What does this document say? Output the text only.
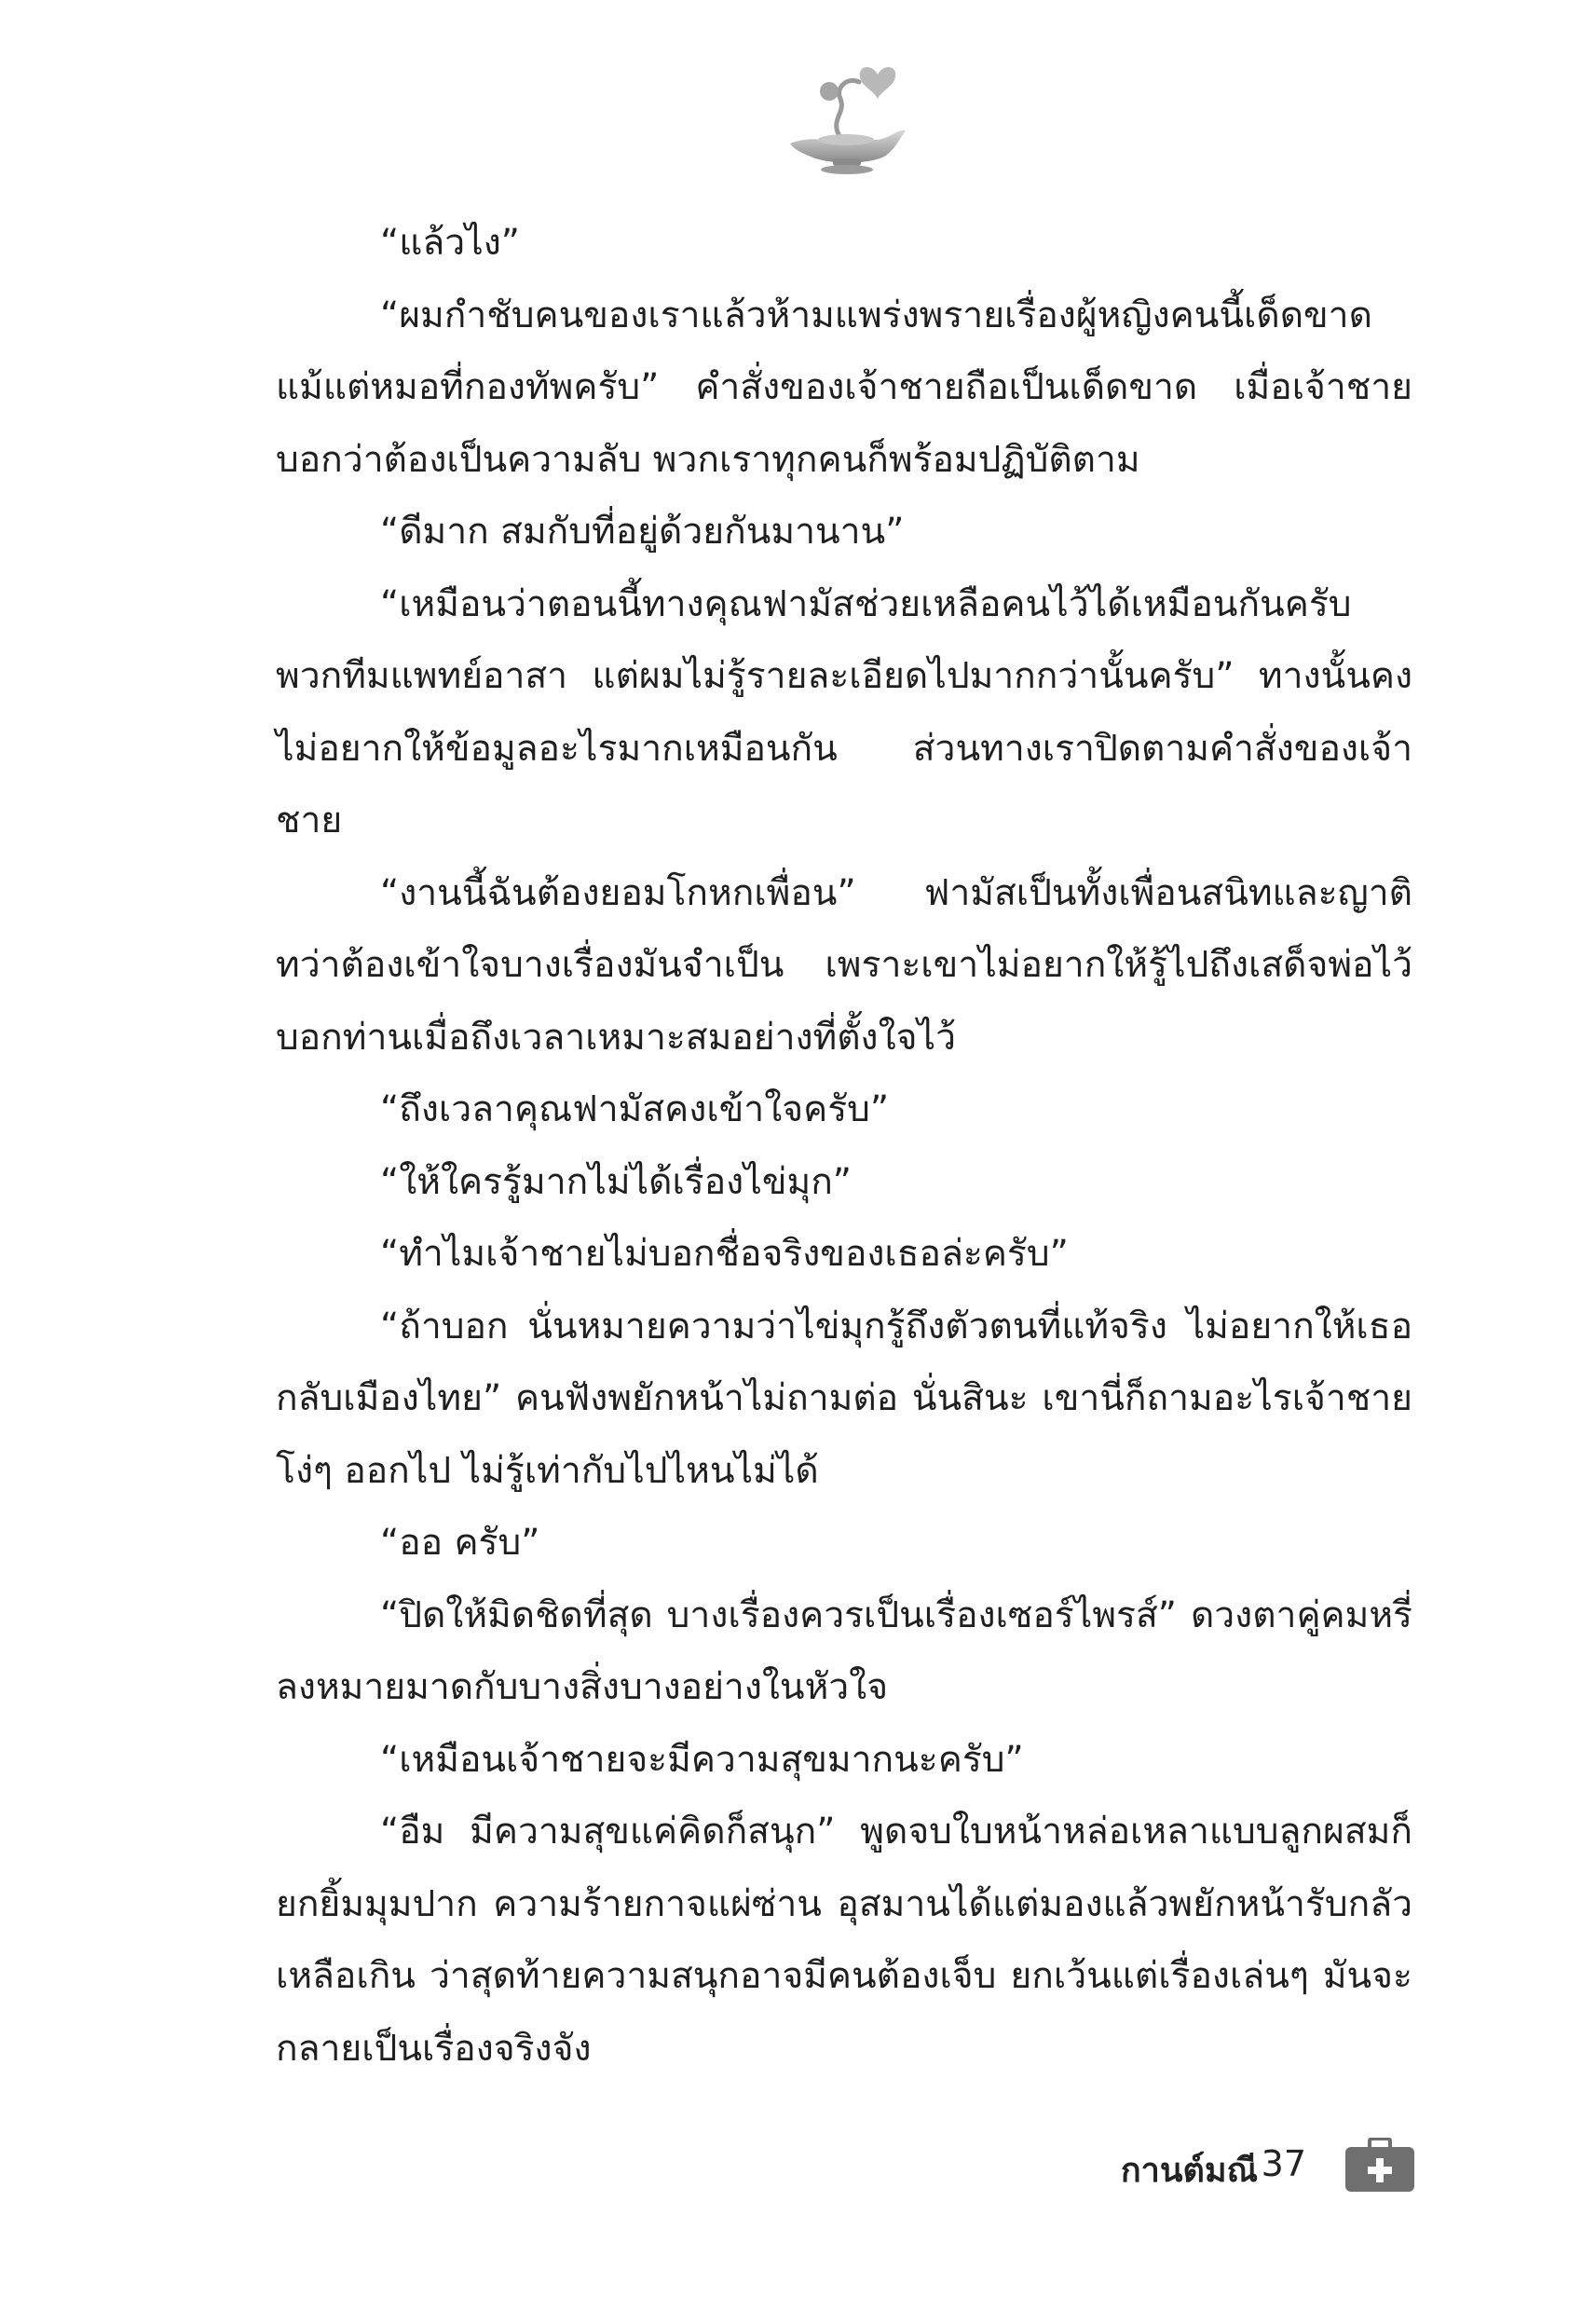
“แล้วไง”

“ผมกำชับคนของเราแล้วห้ามแพร่งพรายเรื่องผู้หญิงคนนี้เด็ดขาด แม้แต่หมอที่กองทัพครับ” คำสั่งของเจ้าชายถือเป็นเด็ดขาด เมื่อเจ้าชายบอกว่าต้องเป็นความลับ พวกเราทุกคนก็พร้อมปฏิบัติตาม

“ดีมาก สมกับที่อยู่ด้วยกันมานาน”

“เหมือนว่าตอนนี้ทางคุณฟามัสช่วยเหลือคนไว้ได้เหมือนกันครับ พวกทีมแพทย์อาสา แต่ผมไม่รู้รายละเอียดไปมากกว่านั้นครับ” ทางนั้นคงไม่อยากให้ข้อมูลอะไรมากเหมือนกัน ส่วนทางเราปิดตามคำสั่งของเจ้าชาย

“งานนี้ฉันต้องยอมโกหกเพื่อน” ฟามัสเป็นทั้งเพื่อนสนิทและญาติ ทว่าต้องเข้าใจบางเรื่องมันจำเป็น เพราะเขาไม่อยากให้รู้ไปถึงเสด็จพ่อไว้บอกท่านเมื่อถึงเวลาเหมาะสมอย่างที่ตั้งใจไว้

“ถึงเวลาคุณฟามัสคงเข้าใจครับ”

“ให้ใครรู้มากไม่ได้เรื่องไข่มุก”

“ทำไมเจ้าชายไม่บอกชื่อจริงของเธอล่ะครับ”

“ถ้าบอก นั่นหมายความว่าไข่มุกรู้ถึงตัวตนที่แท้จริง ไม่อยากให้เธอกลับเมืองไทย” คนฟังพยักหน้าไม่ถามต่อ นั่นสินะ เขานี่ก็ถามอะไรเจ้าชายโง่ๆ ออกไป ไม่รู้เท่ากับไปไหนไม่ได้

“ออ ครับ”

“ปิดให้มิดชิดที่สุด บางเรื่องควรเป็นเรื่องเซอร์ไพรส์” ดวงตาคู่คมหรี่ลงหมายมาดกับบางสิ่งบางอย่างในหัวใจ

“เหมือนเจ้าชายจะมีความสุขมากนะครับ”

“อืม มีความสุขแค่คิดก็สนุก” พูดจบใบหน้าหล่อเหลาแบบลูกผสมก็ยกยิ้มมุมปาก ความร้ายกาจแผ่ซ่าน อุสมานได้แต่มองแล้วพยักหน้ารับกลัวเหลือเกิน ว่าสุดท้ายความสนุกอาจมีคนต้องเจ็บ ยกเว้นแต่เรื่องเล่นๆ มันจะกลายเป็นเรื่องจริงจัง

กานต์มณี 37
